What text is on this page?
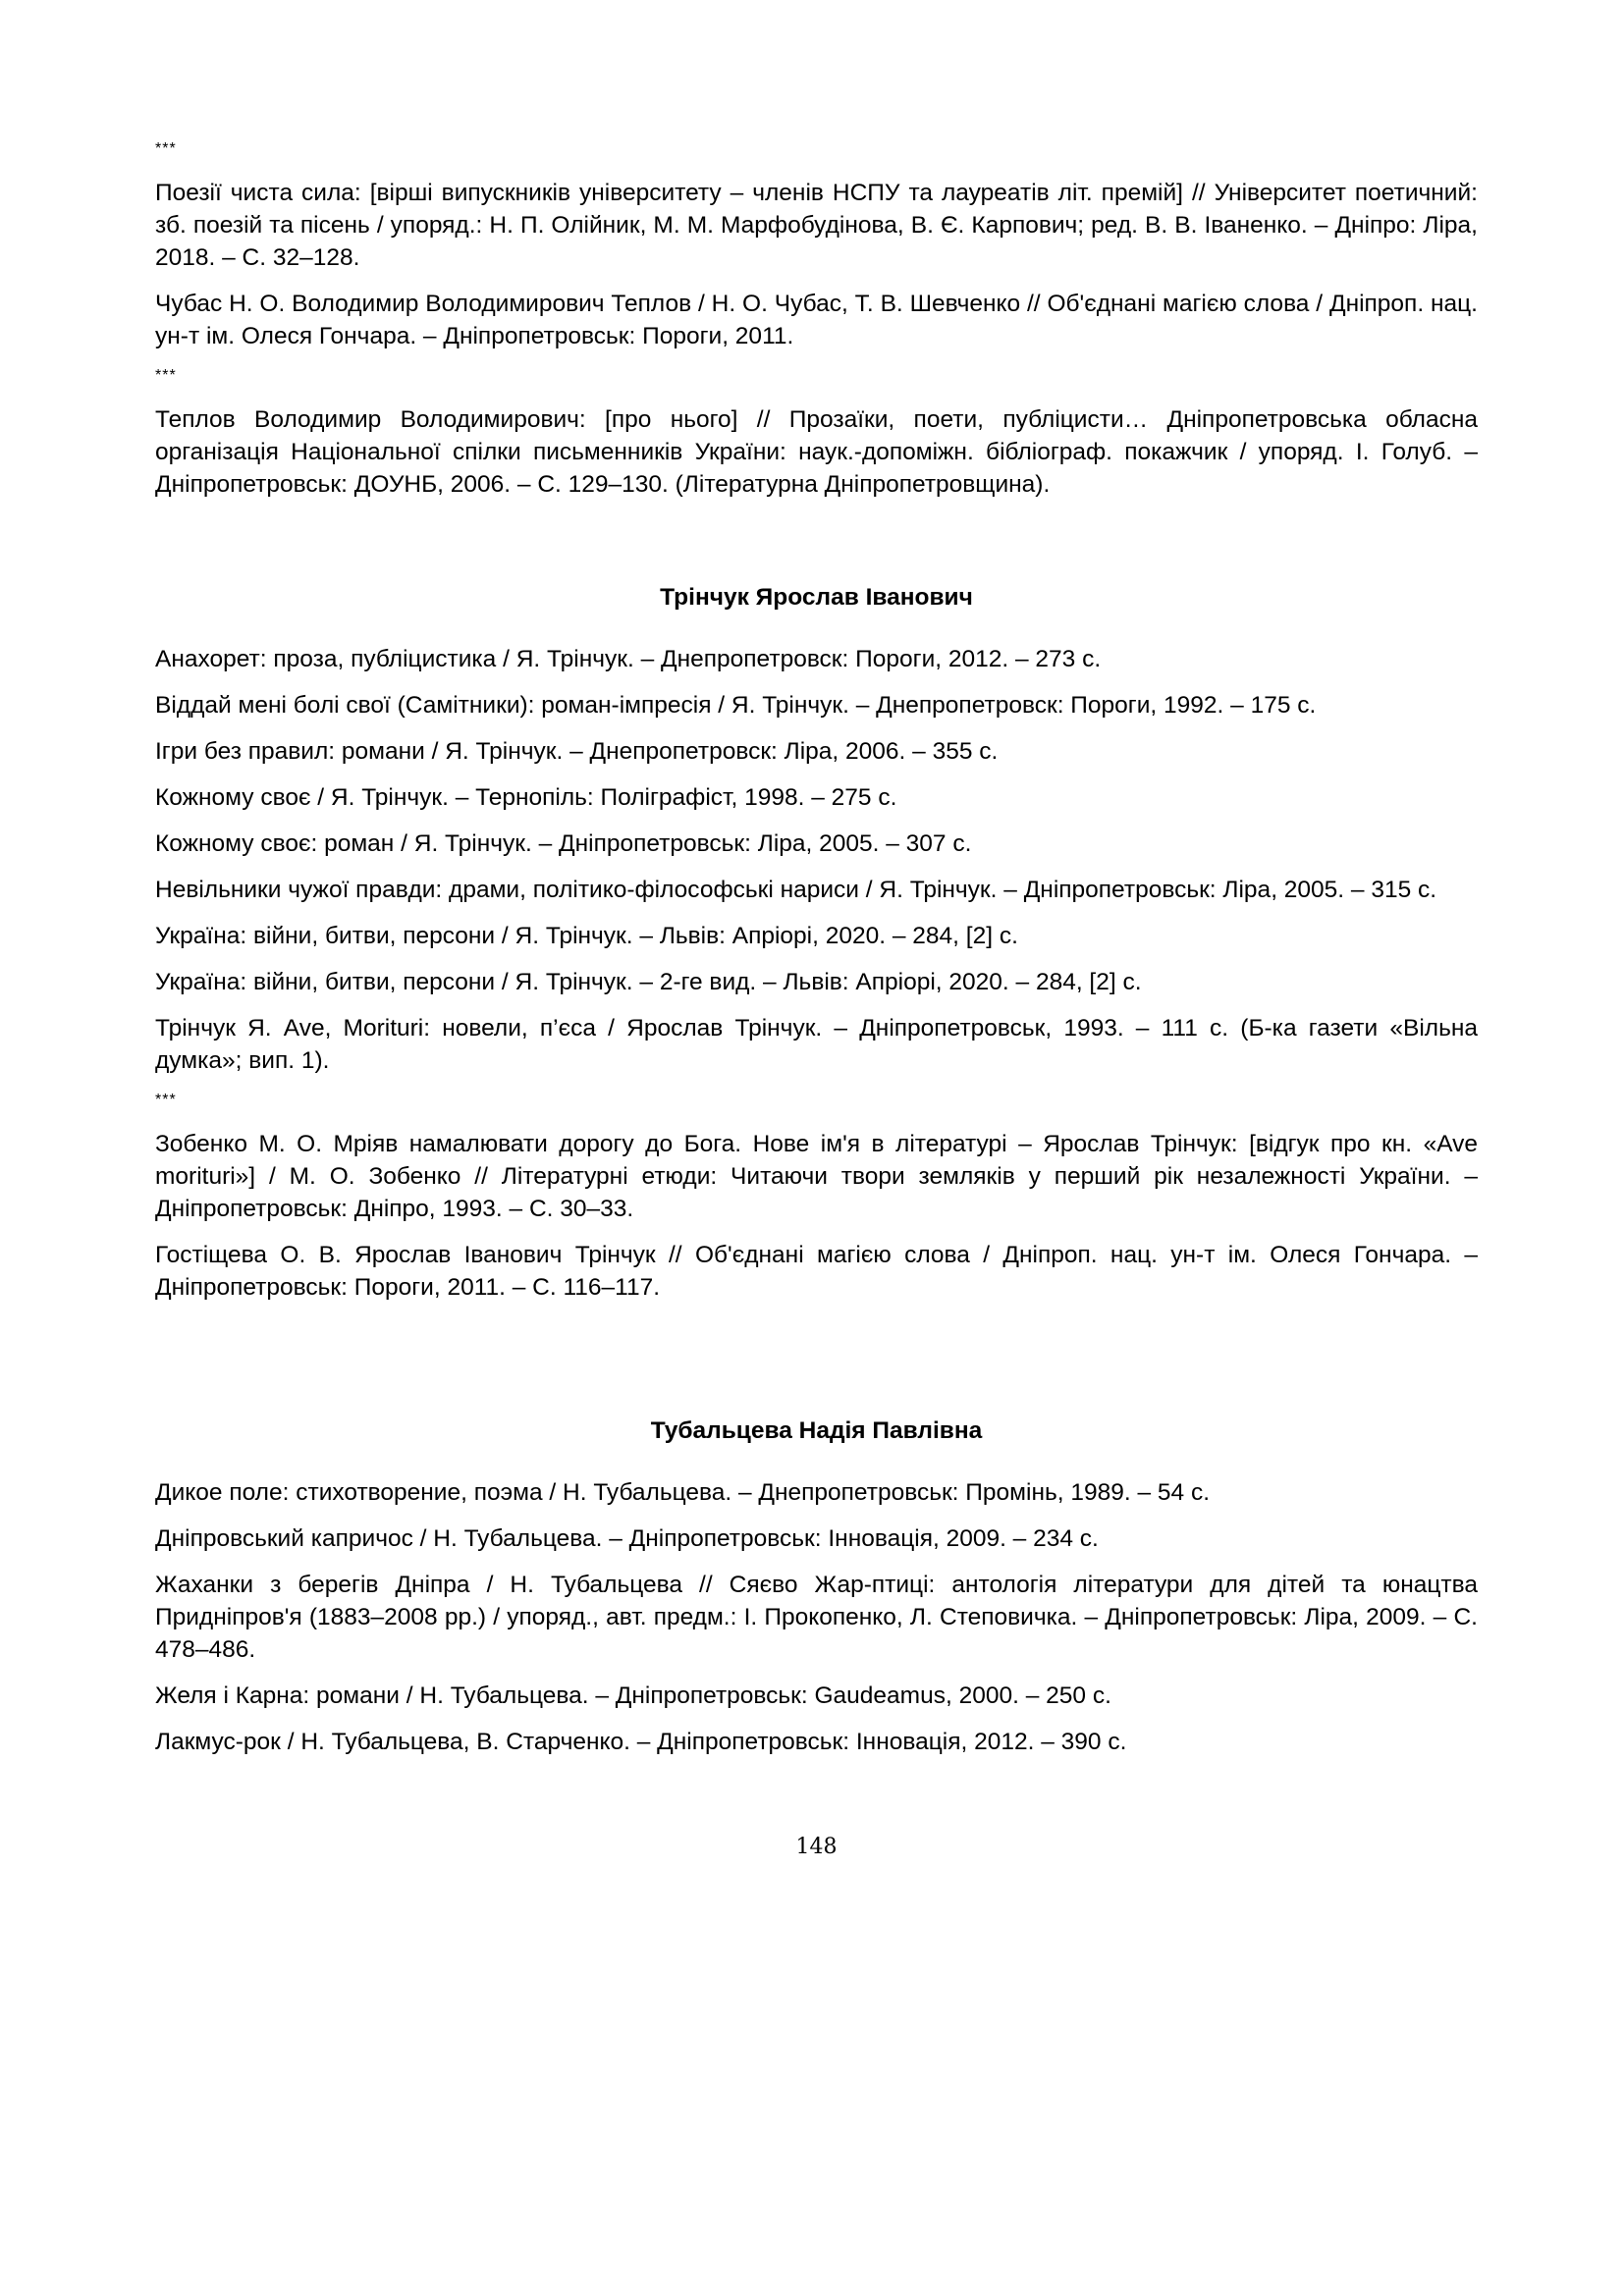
***

Поезії чиста сила: [вірші випускників університету – членів НСПУ та лауреатів літ. премій] // Університет поетичний: зб. поезій та пісень / упоряд.: Н. П. Олійник, М. М. Марфобудінова, В. Є. Карпович; ред. В. В. Іваненко. – Дніпро: Ліра, 2018. – С. 32–128.

Чубас Н. О. Володимир Володимирович Теплов / Н. О. Чубас, Т. В. Шевченко // Об'єднані магією слова / Дніпроп. нац. ун-т ім. Олеся Гончара. – Дніпропетровськ: Пороги, 2011.

***

Теплов Володимир Володимирович: [про нього] // Прозаїки, поети, публіцисти… Дніпропетровська обласна організація Національної спілки письменників України: наук.-допоміжн. бібліограф. покажчик / упоряд. І. Голуб. – Дніпропетровськ: ДОУНБ, 2006. – С. 129–130. (Літературна Дніпропетровщина).

Трінчук Ярослав Іванович

Анахорет: проза, публіцистика / Я. Трінчук. – Днепропетровск: Пороги, 2012. – 273 с.

Віддай мені болі свої (Самітники): роман-імпресія / Я. Трінчук. – Днепропетровск: Пороги, 1992. – 175 с.

Ігри без правил: романи / Я. Трінчук. – Днепропетровск: Ліра, 2006. – 355 с.

Кожному своє / Я. Трінчук. – Тернопіль: Поліграфіст, 1998. – 275 с.

Кожному своє: роман / Я. Трінчук. – Дніпропетровськ: Ліра, 2005. – 307 с.

Невільники чужої правди: драми, політико-філософські нариси / Я. Трінчук. – Дніпропетровськ: Ліра, 2005. – 315 с.

Україна: війни, битви, персони / Я. Трінчук. – Львів: Апріорі, 2020. – 284, [2] с.

Україна: війни, битви, персони / Я. Трінчук. – 2-ге вид. – Львів: Апріорі, 2020. – 284, [2] с.

Трінчук Я. Ave, Moriturі: новели, п’єса / Ярослав Трінчук. – Дніпропетровськ, 1993. – 111 с. (Б-ка газети «Вільна думка»; вип. 1).

***

Зобенко М. О. Мріяв намалювати дорогу до Бога. Нове ім'я в літературі – Ярослав Трінчук: [відгук про кн. «Ave moriturі»] / М. О. Зобенко // Літературні етюди: Читаючи твори земляків у перший рік незалежності України. – Дніпропетровськ: Дніпро, 1993. – С. 30–33.

Гостіщева О. В. Ярослав Іванович Трінчук // Об'єднані магією слова / Дніпроп. нац. ун-т ім. Олеся Гончара. – Дніпропетровськ: Пороги, 2011. – С. 116–117.

Тубальцева Надія Павлівна

Дикое поле: стихотворение, поэма / Н. Тубальцева. – Днепропетровськ: Промінь, 1989. – 54 с.

Дніпровський капричос / Н. Тубальцева. – Дніпропетровськ: Інновація, 2009. – 234 с.

Жаханки з берегів Дніпра / Н. Тубальцева // Сяєво Жар-птиці: антологія літератури для дітей та юнацтва Придніпров'я (1883–2008 рр.) / упоряд., авт. предм.: І. Прокопенко, Л. Степовичка. – Дніпропетровськ: Ліра, 2009. – С. 478–486.

Желя і Карна: романи / Н. Тубальцева. – Дніпропетровськ: Gaudeamus, 2000. – 250 с.

Лакмус-рок / Н. Тубальцева, В. Старченко. – Дніпропетровськ: Інновація, 2012. – 390 с.

148
